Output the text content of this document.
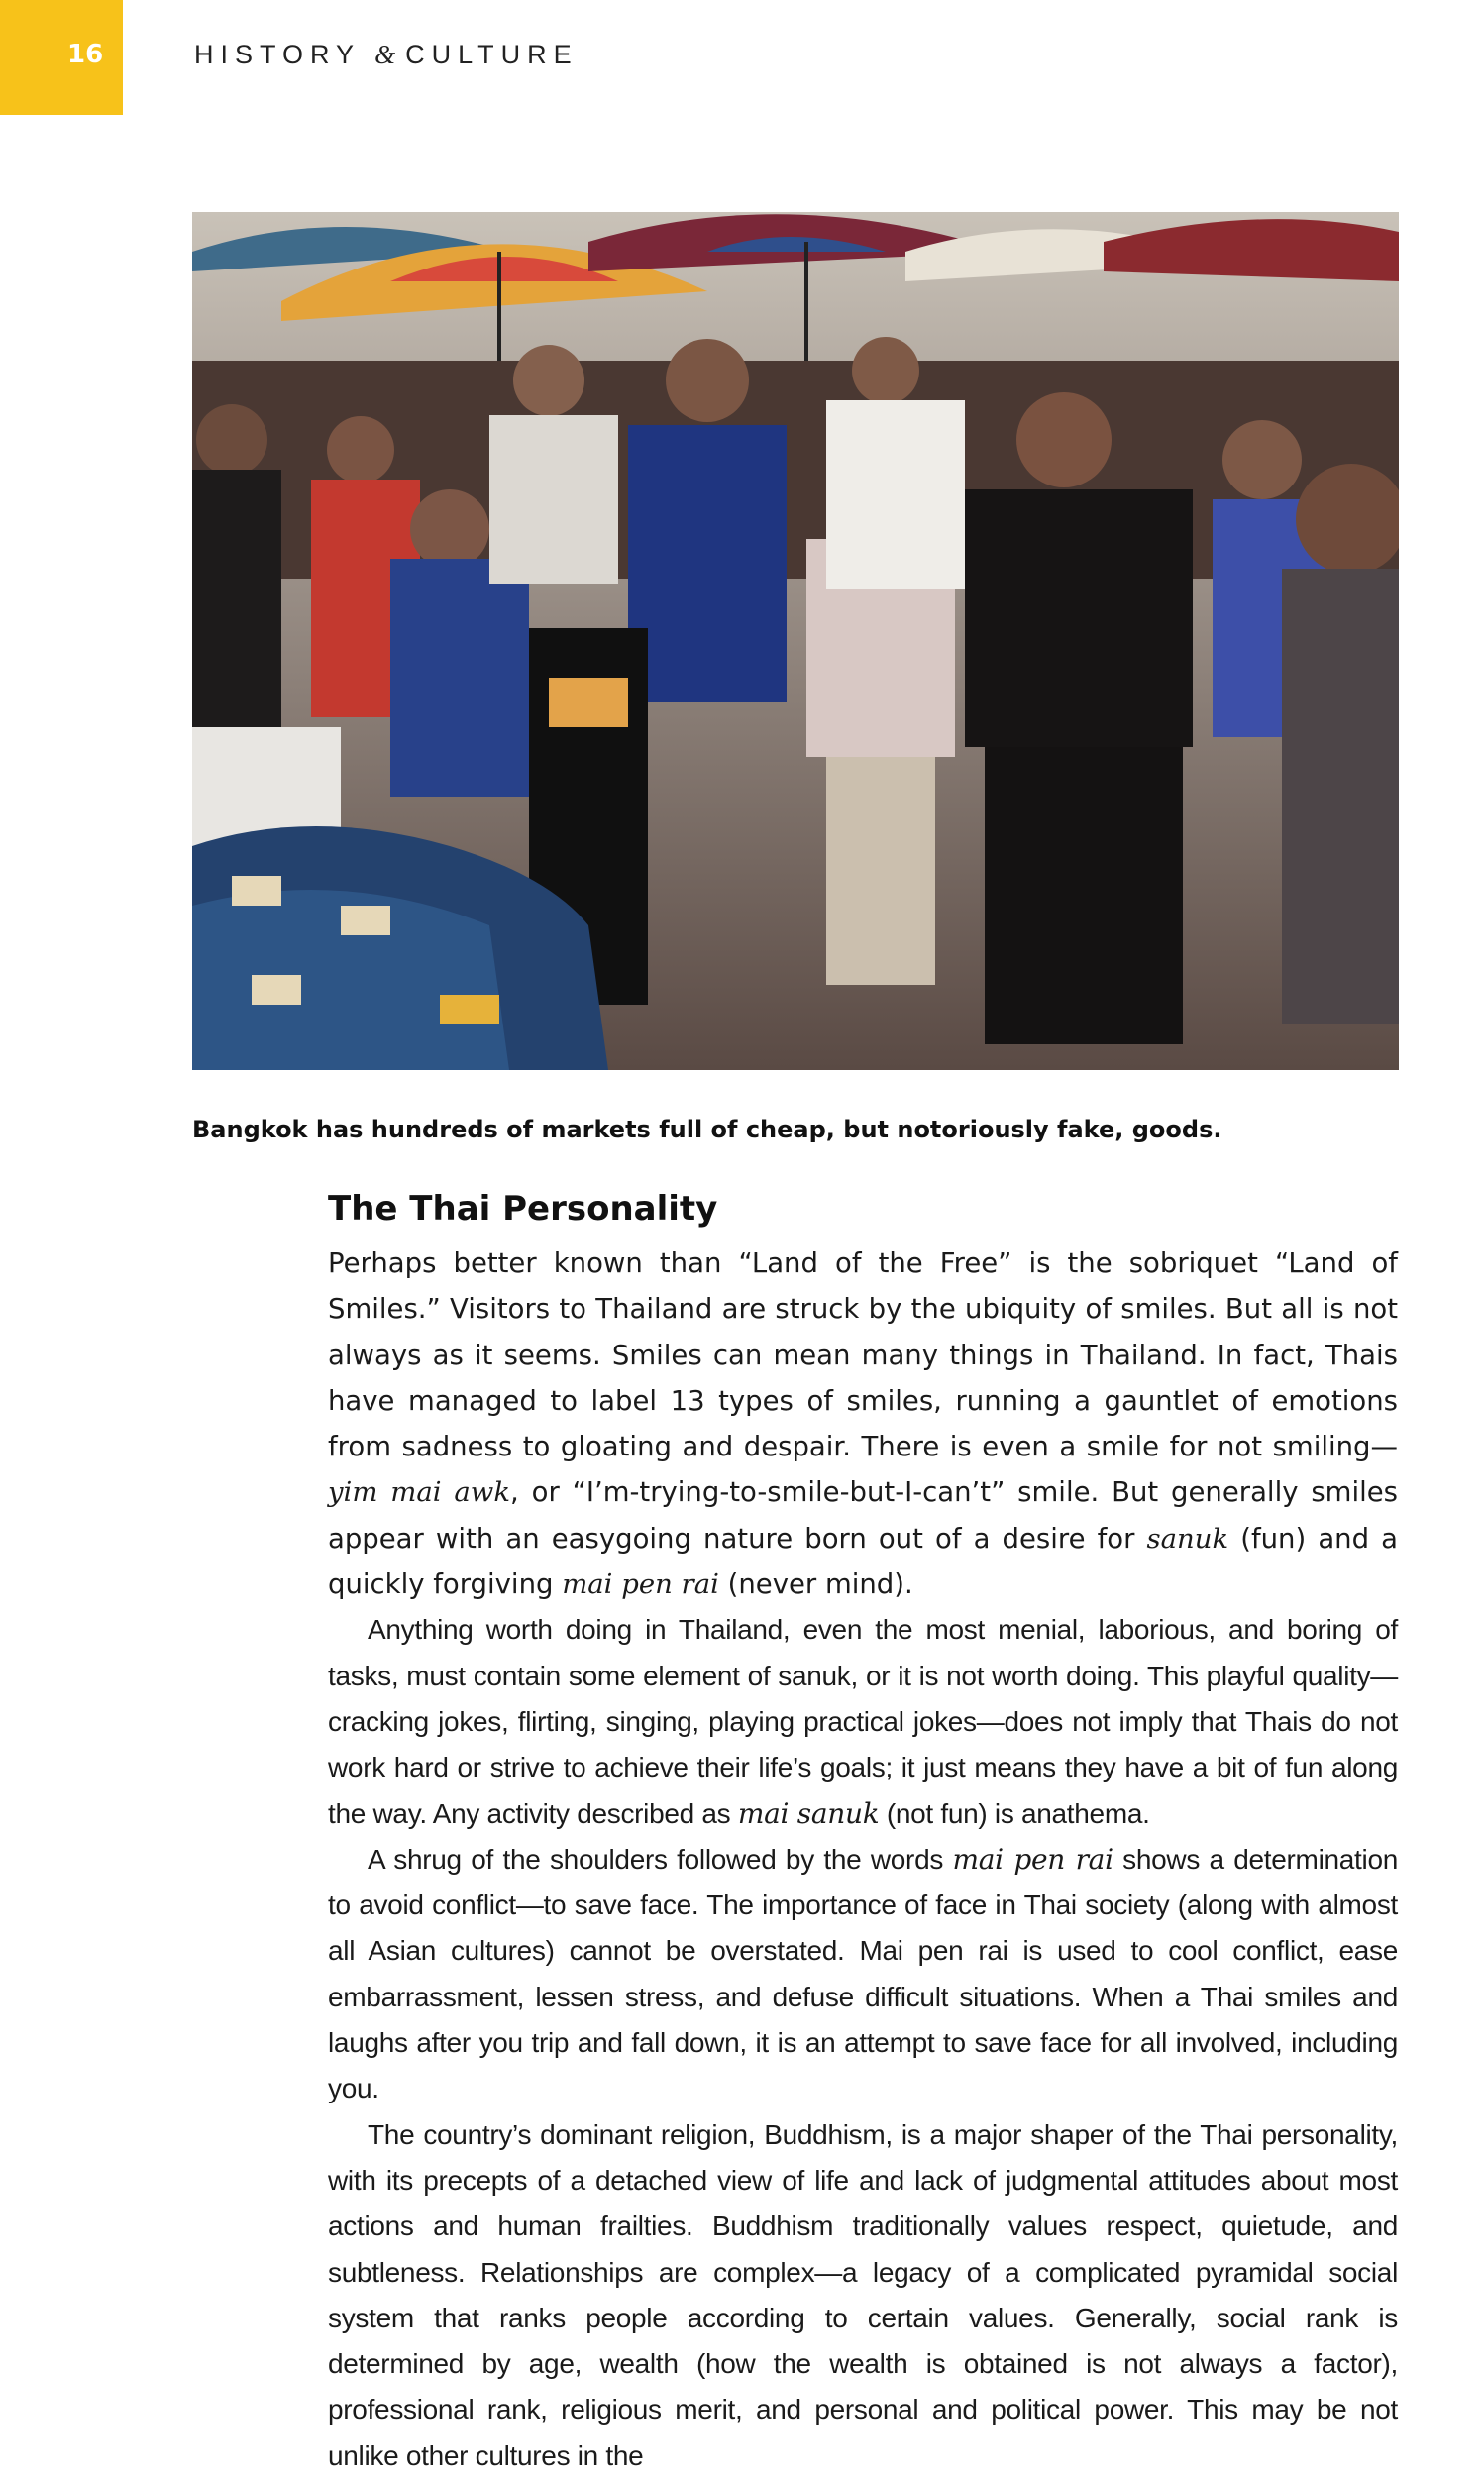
16	HISTORY & CULTURE
Bangkok has hundreds of markets full of cheap, but notoriously fake, goods.
The Thai Personality

Perhaps better known than “Land of the Free” is the sobriquet “Land of Smiles.” Visitors to Thailand are struck by the ubiquity of smiles. But all is not always as it seems. Smiles can mean many things in Thailand. In fact, Thais have managed to label 13 types of smiles, running a gauntlet of emotions from sadness to gloating and despair. There is even a smile for not smiling—yim mai awk, or “I’m-trying-to-smile-but-I-can’t” smile. But generally smiles appear with an easygoing nature born out of a desire for sanuk (fun) and a quickly forgiving mai pen rai (never mind).

Anything worth doing in Thailand, even the most menial, laborious, and boring of tasks, must contain some element of sanuk, or it is not worth doing. This playful quality—cracking jokes, flirting, singing, playing practical jokes—does not imply that Thais do not work hard or strive to achieve their life’s goals; it just means they have a bit of fun along the way. Any activity described as mai sanuk (not fun) is anathema.

A shrug of the shoulders followed by the words mai pen rai shows a determination to avoid conflict—to save face. The importance of face in Thai society (along with almost all Asian cultures) cannot be overstated. Mai pen rai is used to cool conflict, ease embarrassment, lessen stress, and defuse difficult situations. When a Thai smiles and laughs after you trip and fall down, it is an attempt to save face for all involved, including you.

The country’s dominant religion, Buddhism, is a major shaper of the Thai personality, with its precepts of a detached view of life and lack of judgmental attitudes about most actions and human frailties. Buddhism traditionally values respect, quietude, and subtleness. Relationships are complex—a legacy of a complicated pyramidal social system that ranks people according to certain values. Generally, social rank is determined by age, wealth (how the wealth is obtained is not always a factor), professional rank, religious merit, and personal and political power. This may be not unlike other cultures in the
